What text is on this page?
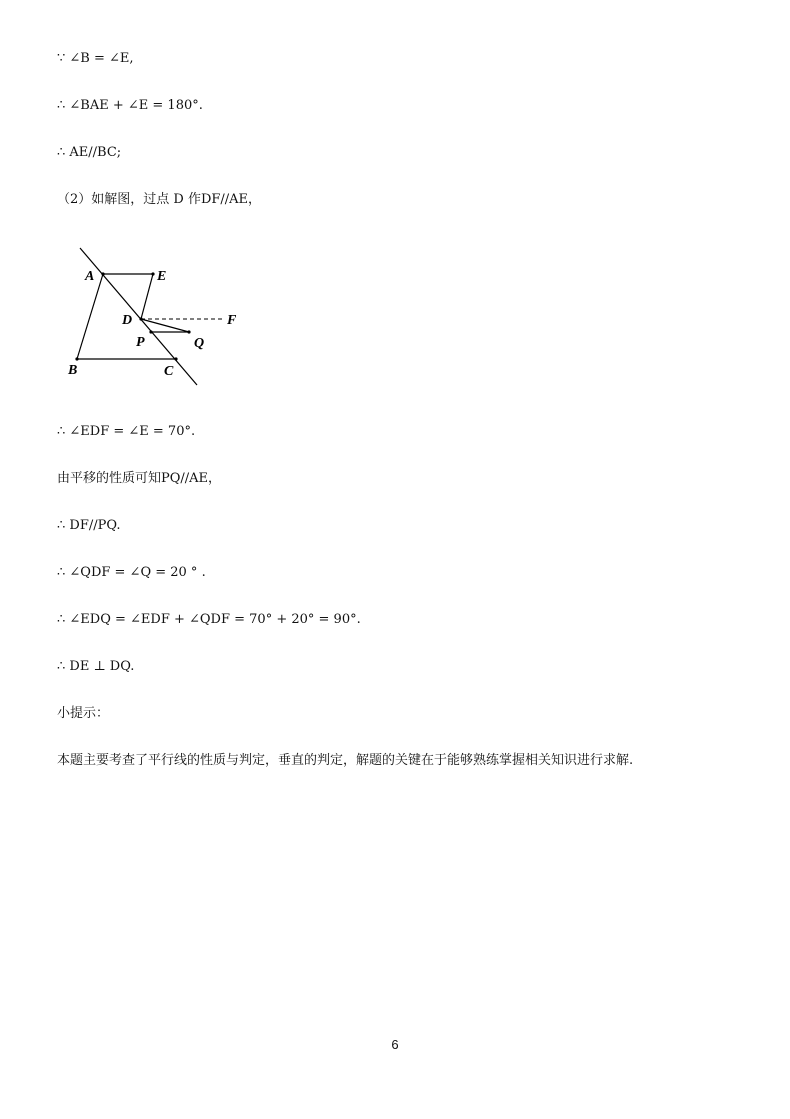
∵ ∠B = ∠E,
∴ ∠BAE + ∠E = 180°.
∴ AE//BC;
（2）如解图，过点 D 作DF//AE，
A	E
D	F
P	Q
B	C
∴ ∠EDF = ∠E = 70°.
由平移的性质可知PQ//AE，
∴ DF//PQ.
∴ ∠QDF = ∠Q = 20 ° .
∴ ∠EDQ = ∠EDF + ∠QDF = 70° + 20° = 90°.
∴ DE ⊥ DQ.
小提示：
本题主要考查了平行线的性质与判定，垂直的判定，解题的关键在于能够熟练掌握相关知识进行求解.
6
